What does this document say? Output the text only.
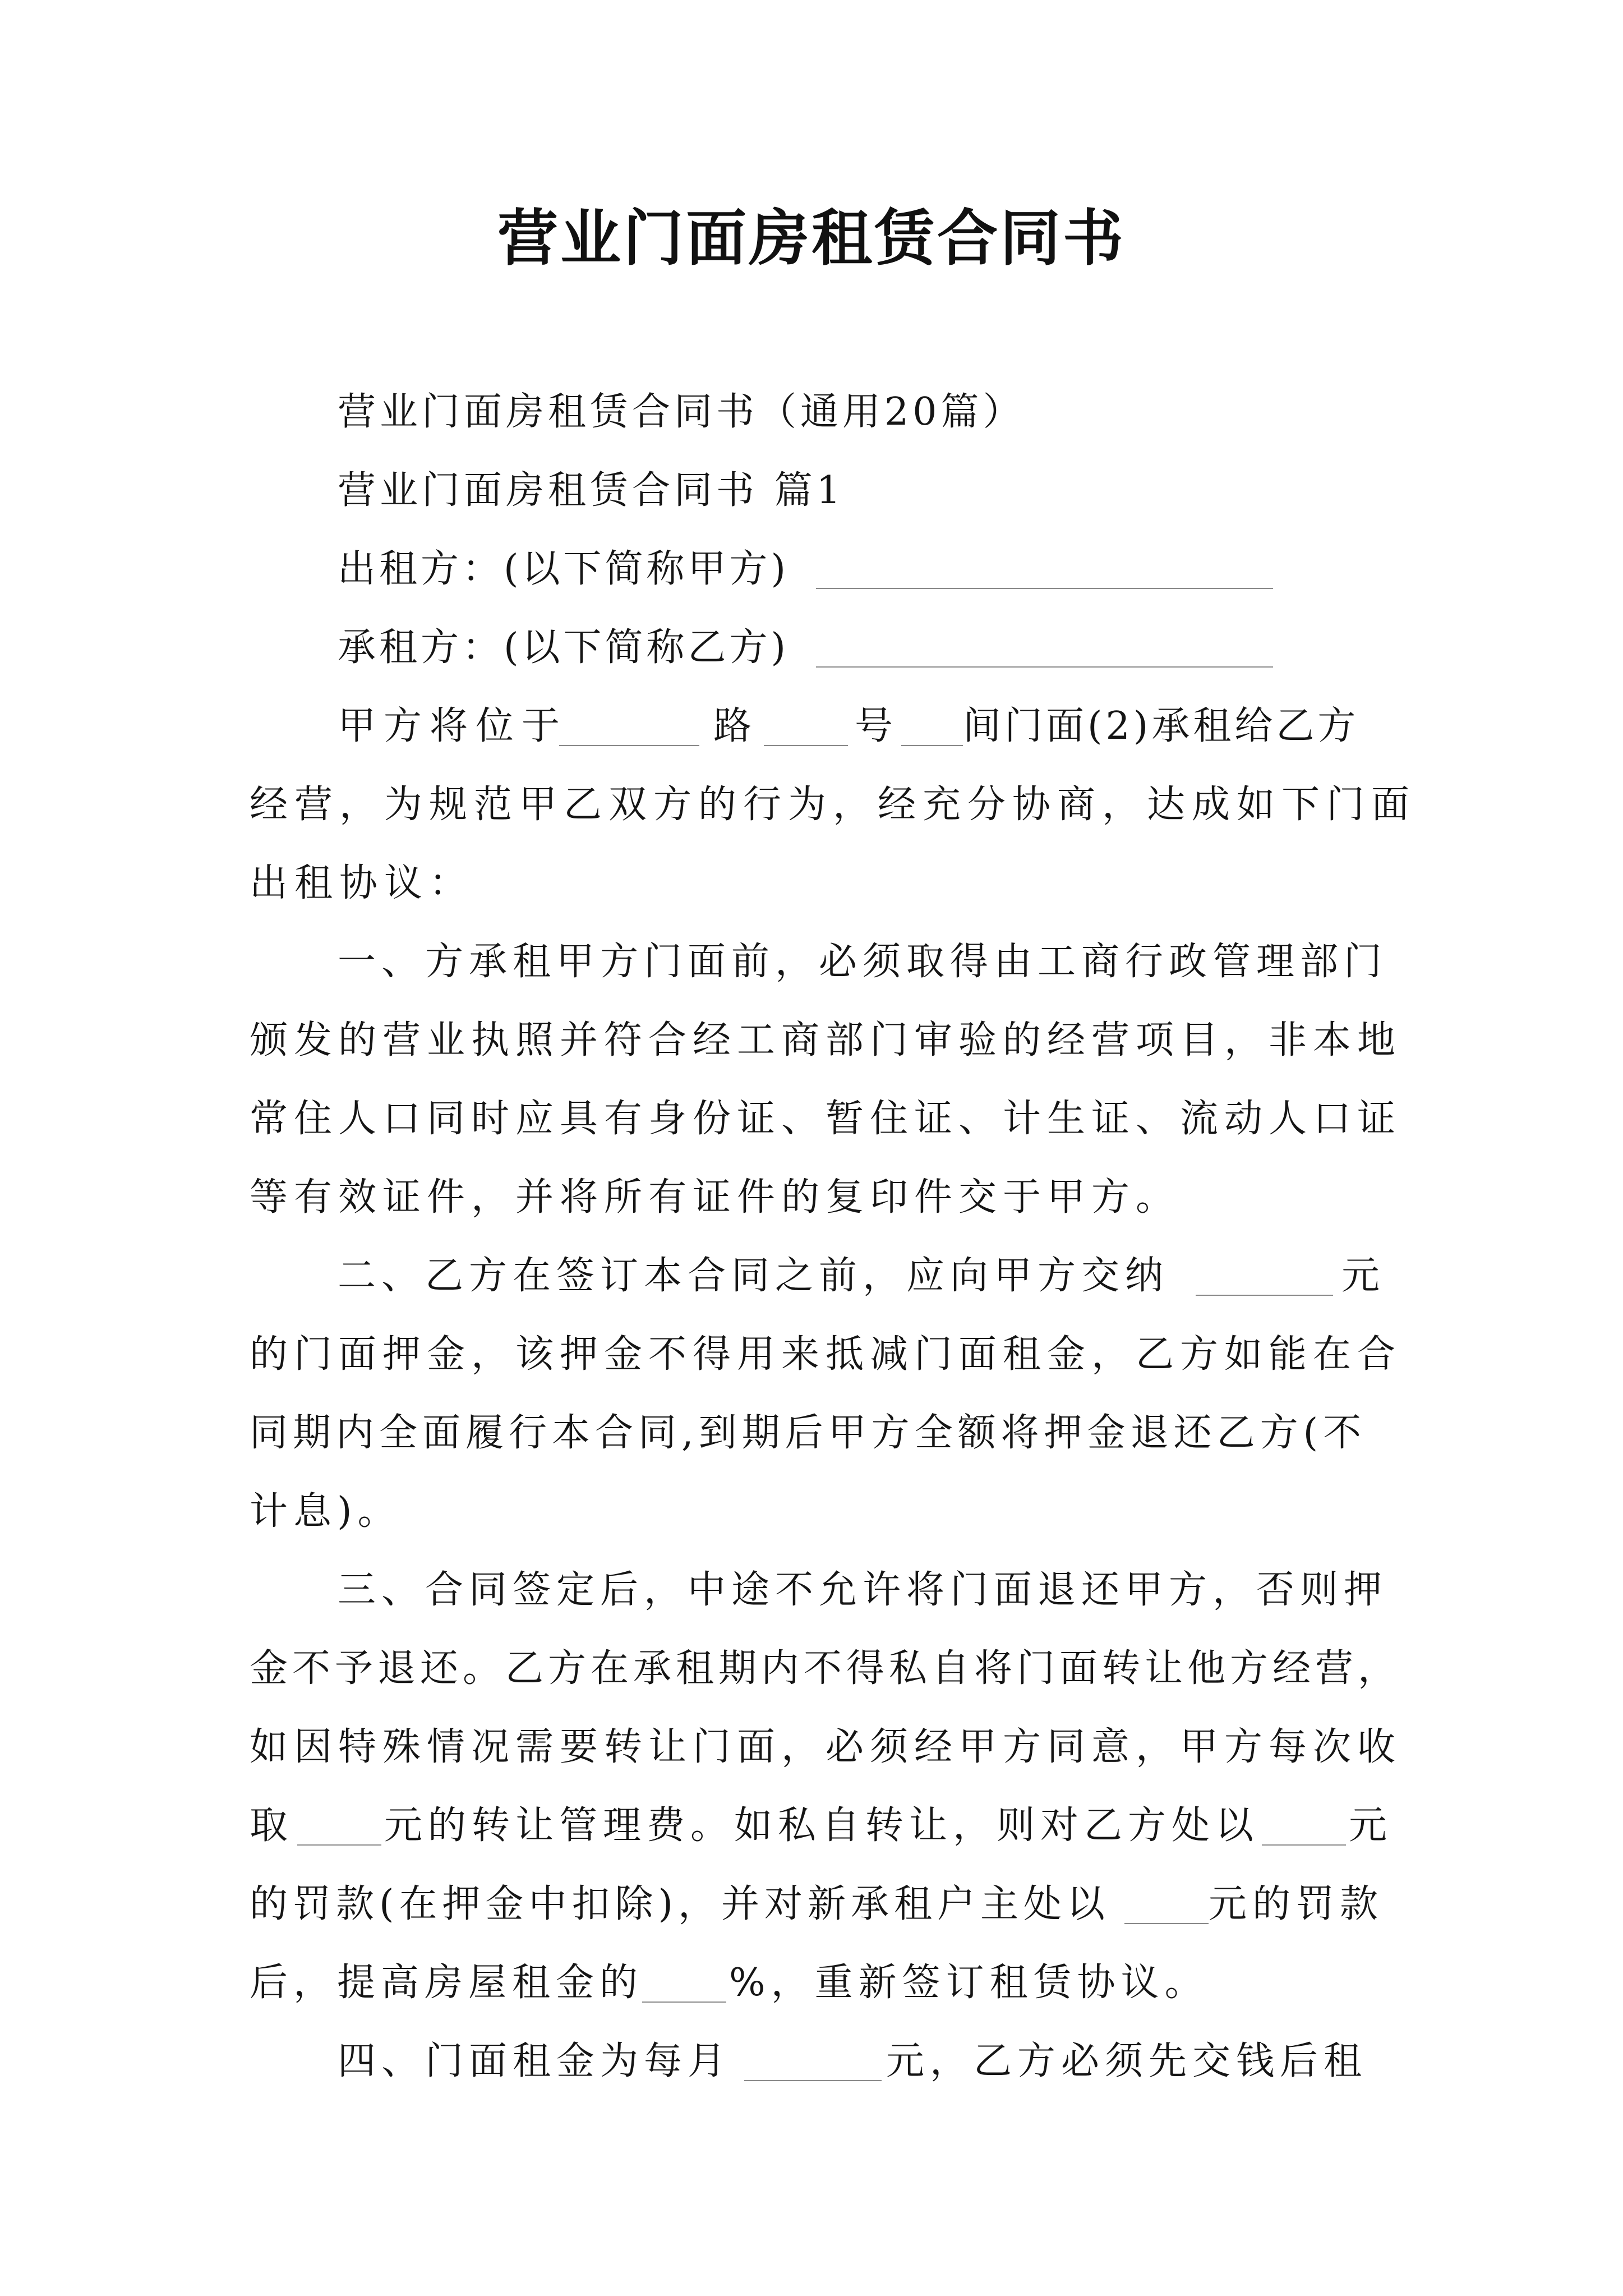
营业门面房租赁合同书
营业门面房租赁合同书（通用20篇）
营业门面房租赁合同书 篇1
出租方：(以下简称甲方)
承租方：(以下简称乙方)
甲方将位于	路	号 间门面(2)承租给乙方
经营，为规范甲乙双方的行为，经充分协商，达成如下门面
出租协议：
一、方承租甲方门面前，必须取得由工商行政管理部门
颁发的营业执照并符合经工商部门审验的经营项目，非本地
常住人口同时应具有身份证、暂住证、计生证、流动人口证
等有效证件，并将所有证件的复印件交于甲方。
二、乙方在签订本合同之前，应向甲方交纳	元
的门面押金，该押金不得用来抵减门面租金，乙方如能在合
同期内全面履行本合同,到期后甲方全额将押金退还乙方(不
计息)。
三、合同签定后，中途不允许将门面退还甲方，否则押
金不予退还。乙方在承租期内不得私自将门面转让他方经营，
如因特殊情况需要转让门面，必须经甲方同意，甲方每次收
取	元的转让管理费。如私自转让，则对乙方处以 元
的罚款(在押金中扣除)，并对新承租户主处以	元的罚款
后，提高房屋租金的 %，重新签订租赁协议。
四、门面租金为每月	元，乙方必须先交钱后租
